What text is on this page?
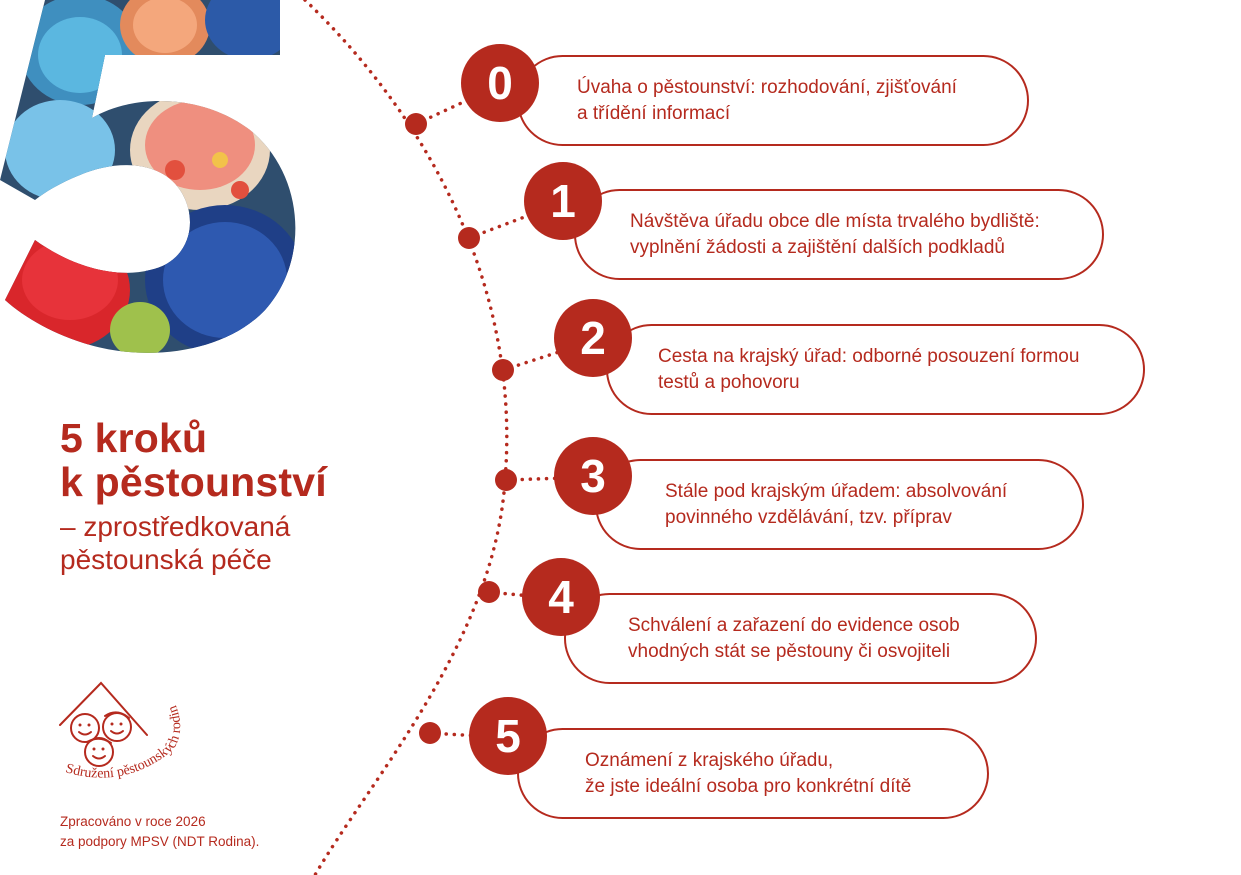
5 kroků
k pěstounství
– zprostředkovaná
pěstounská péče
Úvaha o pěstounství: rozhodování, zjišťování
a třídění informací
0
Návštěva úřadu obce dle místa trvalého bydliště:
vyplnění žádosti a zajištění dalších podkladů
1
Cesta na krajský úřad: odborné posouzení formou
testů a pohovoru
2
Stále pod krajským úřadem: absolvování
povinného vzdělávání, tzv. příprav
3
Schválení a zařazení do evidence osob
vhodných stát se pěstouny či osvojiteli
4
Oznámení z krajského úřadu,
že jste ideální osoba pro konkrétní dítě
5
Sdružení pěstounských rodin
Zpracováno v roce 2026
za podpory MPSV (NDT Rodina).
